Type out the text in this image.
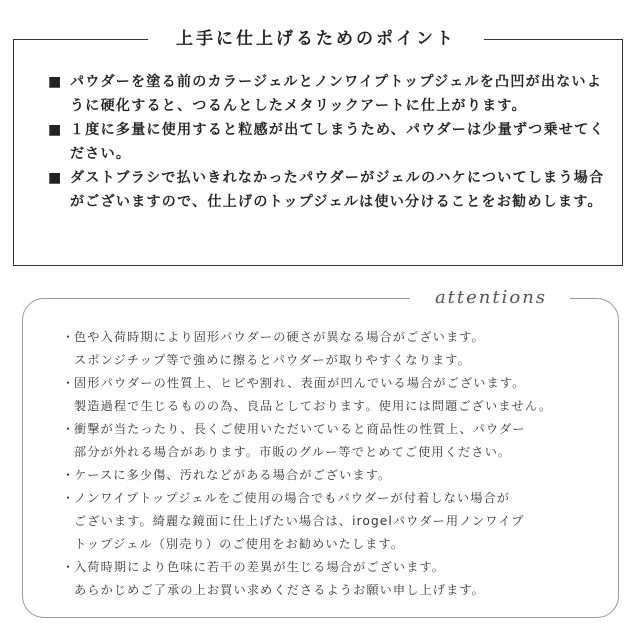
上手に仕上げるためのポイント
■ パウダーを塗る前のカラージェルとノンワイプトップジェルを凸凹が出ないように硬化すると、つるんとしたメタリックアートに仕上がります。
■ １度に多量に使用すると粒感が出てしまうため、パウダーは少量ずつ乗せてください。
■ ダストブラシで払いきれなかったパウダーがジェルのハケについてしまう場合がございますので、仕上げのトップジェルは使い分けることをお勧めします。
attentions
・ 色や入荷時期により固形パウダーの硬さが異なる場合がございます。
スポンジチップ等で強めに擦るとパウダーが取りやすくなります。
・ 固形パウダーの性質上、ヒビや割れ、表面が凹んでいる場合がございます。
製造過程で生じるものの為、良品としております。使用には問題ございません。
・ 衝撃が当たったり、長くご使用いただいていると商品性の性質上、パウダー
部分が外れる場合があります。市販のグルー等でとめてご使用ください。
・ ケースに多少傷、汚れなどがある場合がございます。
・ ノンワイプトップジェルをご使用の場合でもパウダーが付着しない場合が
ございます。綺麗な鏡面に仕上げたい場合は、irogelパウダー用ノンワイプ
トップジェル（別売り）のご使用をお勧めいたします。
・ 入荷時期により色味に若干の差異が生じる場合がございます。
あらかじめご了承の上お買い求めくださるようお願い申し上げます。
